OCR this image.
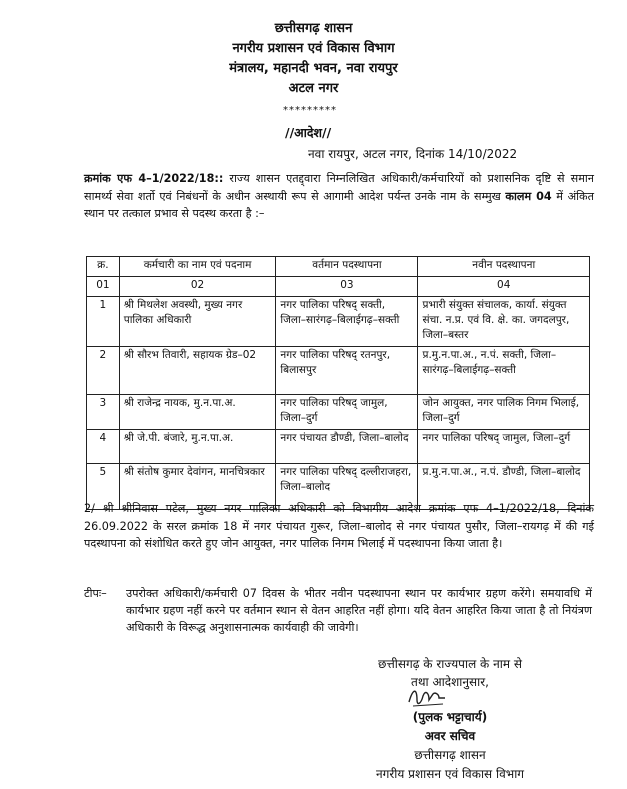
छत्तीसगढ़ शासन
नगरीय प्रशासन एवं विकास विभाग
मंत्रालय, महानदी भवन, नवा रायपुर
अटल नगर
*********
//आदेश//
नवा रायपुर, अटल नगर, दिनांक 14/10/2022
क्रमांक एफ 4–1/2022/18:: राज्य शासन एतद्द्वारा निम्नलिखित अधिकारी/कर्मचारियों को प्रशासनिक दृष्टि से समान सामर्थ्य सेवा शर्तो एवं निबंधनों के अधीन अस्थायी रूप से आगामी आदेश पर्यन्त उनके नाम के सम्मुख कालम 04 में अंकित स्थान पर तत्काल प्रभाव से पदस्थ करता है :–
क्र.	कर्मचारी का नाम एवं पदनाम	वर्तमान पदस्थापना	नवीन पदस्थापना
01	02	03	04
1	श्री मिथलेश अवस्थी, मुख्य नगर पालिका अधिकारी	नगर पालिका परिषद् सक्ती, जिला–सारंगढ़–बिलाईगढ़–सक्ती	प्रभारी संयुक्त संचालक, कार्या. संयुक्त संचा. न.प्र. एवं वि. क्षे. का. जगदलपुर, जिला–बस्तर
2	श्री सौरभ तिवारी, सहायक ग्रेड–02	नगर पालिका परिषद् रतनपुर, बिलासपुर	प्र.मु.न.पा.अ., न.पं. सक्ती, जिला–सारंगढ़–बिलाईगढ़–सक्ती
3	श्री राजेन्द्र नायक, मु.न.पा.अ.	नगर पालिका परिषद् जामुल, जिला–दुर्ग	जोन आयुक्त, नगर पालिक निगम भिलाई, जिला–दुर्ग
4	श्री जे.पी. बंजारे, मु.न.पा.अ.	नगर पंचायत डौण्डी, जिला–बालोद	नगर पालिका परिषद् जामुल, जिला–दुर्ग
5	श्री संतोष कुमार देवांगन, मानचित्रकार	नगर पालिका परिषद् दल्लीराजहरा, जिला–बालोद	प्र.मु.न.पा.अ., न.पं. डौण्डी, जिला–बालोद
2/ श्री श्रीनिवास पटेल, मुख्य नगर पालिका अधिकारी को विभागीय आदेश क्रमांक एफ 4–1/2022/18, दिनांक 26.09.2022 के सरल क्रमांक 18 में नगर पंचायत गुरूर, जिला–बालोद से नगर पंचायत पुसौर, जिला–रायगढ़ में की गई पदस्थापना को संशोधित करते हुए जोन आयुक्त, नगर पालिक निगम भिलाई में पदस्थापना किया जाता है।
टीपः– उपरोक्त अधिकारी/कर्मचारी 07 दिवस के भीतर नवीन पदस्थापना स्थान पर कार्यभार ग्रहण करेंगे। समयावधि में कार्यभार ग्रहण नहीं करने पर वर्तमान स्थान से वेतन आहरित नहीं होगा। यदि वेतन आहरित किया जाता है तो नियंत्रण अधिकारी के विरूद्ध अनुशासनात्मक कार्यवाही की जावेगी।
छत्तीसगढ़ के राज्यपाल के नाम से
तथा आदेशानुसार,
(पुलक भट्टाचार्य)
अवर सचिव
छत्तीसगढ़ शासन
नगरीय प्रशासन एवं विकास विभाग
